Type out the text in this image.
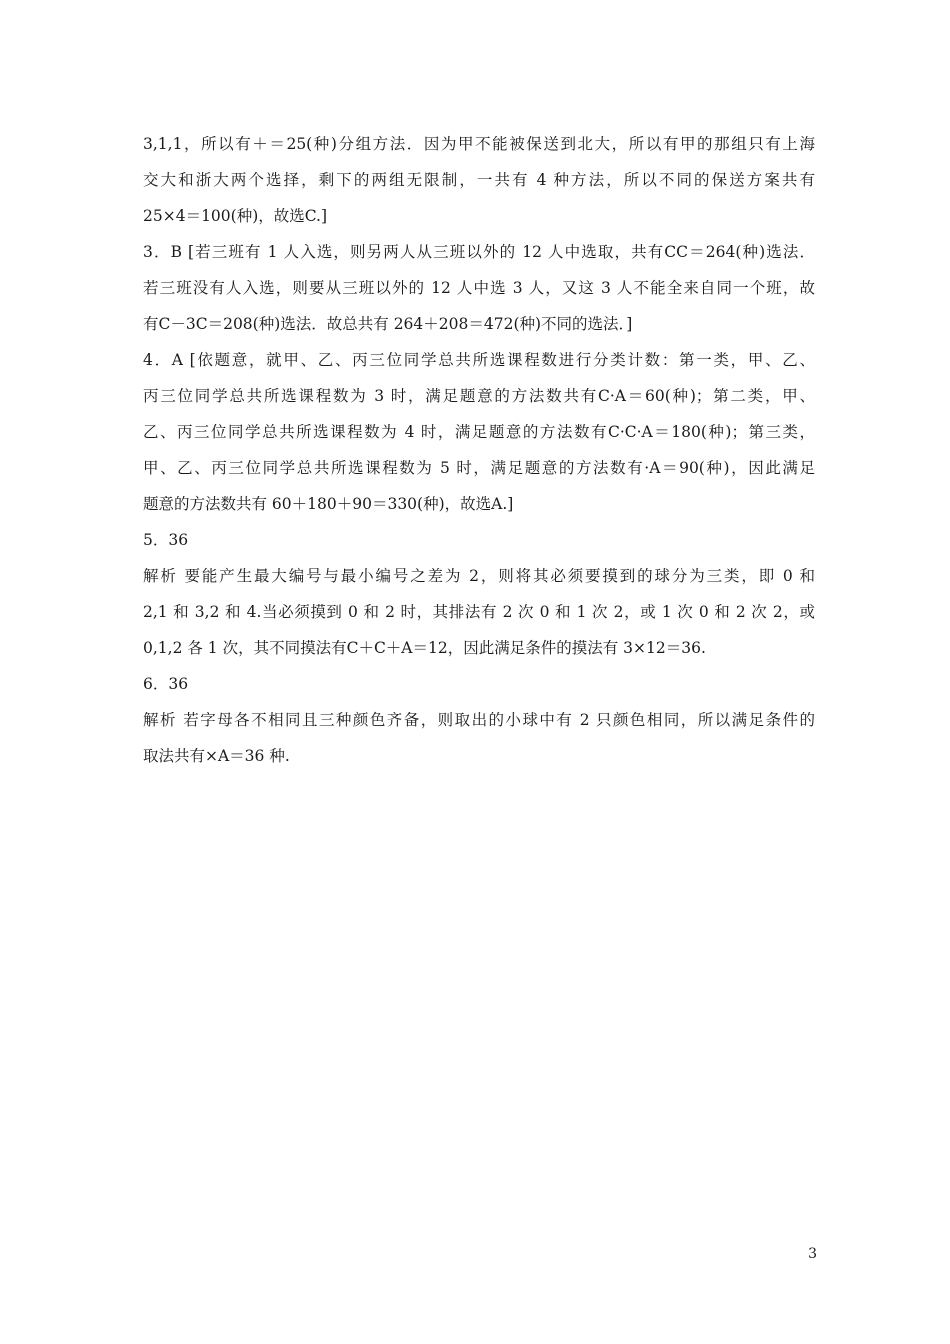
3,1,1，所以有＋＝25(种)分组方法．因为甲不能被保送到北大，所以有甲的那组只有上海
交大和浙大两个选择，剩下的两组无限制，一共有 4 种方法，所以不同的保送方案共有
25×4＝100(种)，故选C.]
3．B [若三班有 1 人入选，则另两人从三班以外的 12 人中选取，共有CC＝264(种)选法．
若三班没有人入选，则要从三班以外的 12 人中选 3 人，又这 3 人不能全来自同一个班，故
有C－3C＝208(种)选法．故总共有 264＋208＝472(种)不同的选法．]
4．A [依题意，就甲、乙、丙三位同学总共所选课程数进行分类计数：第一类，甲、乙、
丙三位同学总共所选课程数为 3 时，满足题意的方法数共有C·A＝60(种)；第二类，甲、
乙、丙三位同学总共所选课程数为 4 时，满足题意的方法数有C·C·A＝180(种)；第三类，
甲、乙、丙三位同学总共所选课程数为 5 时，满足题意的方法数有·A＝90(种)，因此满足
题意的方法数共有 60＋180＋90＝330(种)，故选A.]
5．36
解析 要能产生最大编号与最小编号之差为 2，则将其必须要摸到的球分为三类，即 0 和
2,1 和 3,2 和 4.当必须摸到 0 和 2 时，其排法有 2 次 0 和 1 次 2，或 1 次 0 和 2 次 2，或
0,1,2 各 1 次，其不同摸法有C＋C＋A＝12，因此满足条件的摸法有 3×12＝36.
6．36
解析 若字母各不相同且三种颜色齐备，则取出的小球中有 2 只颜色相同，所以满足条件的
取法共有×A＝36 种.
3
